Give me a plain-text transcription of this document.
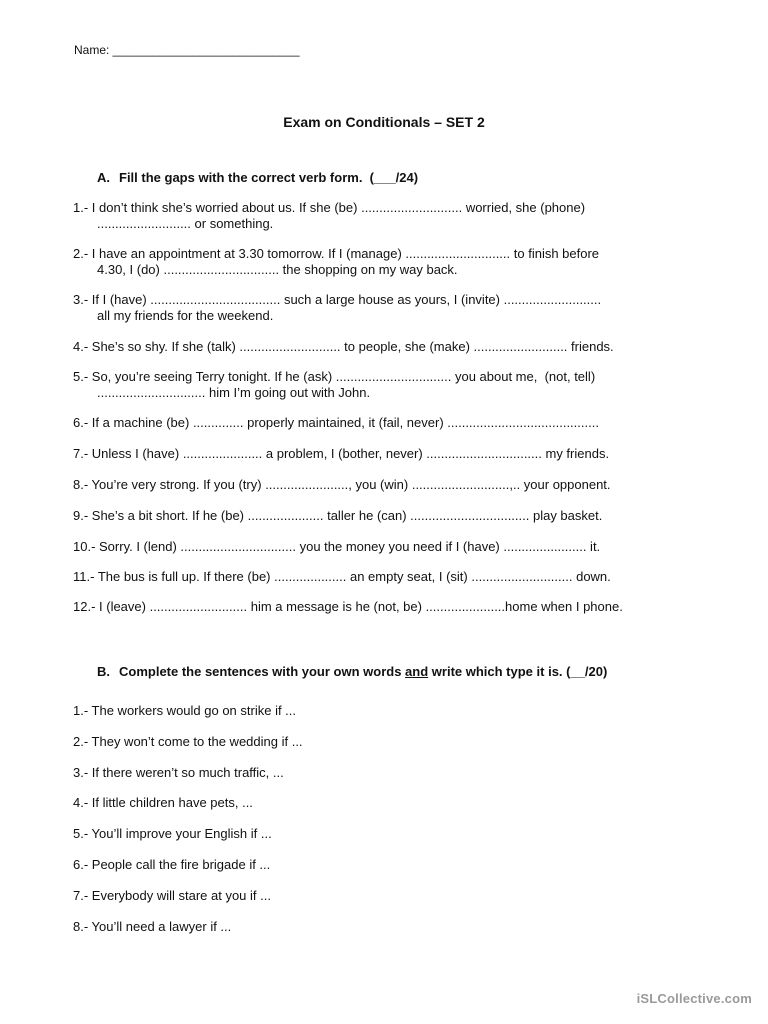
Name: ____________________________
Exam on Conditionals – SET 2
A. Fill the gaps with the correct verb form.  (___/24)
1.- I don’t think she’s worried about us. If she (be) ............................ worried, she (phone)
.......................... or something.
2.- I have an appointment at 3.30 tomorrow. If I (manage) ............................. to finish before
4.30, I (do) ................................ the shopping on my way back.
3.- If I (have) .................................... such a large house as yours, I (invite) ...........................
all my friends for the weekend.
4.- She’s so shy. If she (talk) ............................ to people, she (make) .......................... friends.
5.- So, you’re seeing Terry tonight. If he (ask) ................................ you about me,  (not, tell)
.............................. him I’m going out with John.
6.- If a machine (be) .............. properly maintained, it (fail, never) ..........................................
7.- Unless I (have) ...................... a problem, I (bother, never) ................................ my friends.
8.- You’re very strong. If you (try) ......................., you (win) ...........................,.. your opponent.
9.- She’s a bit short. If he (be) ..................... taller he (can) ................................. play basket.
10.- Sorry. I (lend) ................................ you the money you need if I (have) ....................... it.
11.- The bus is full up. If there (be) .................... an empty seat, I (sit) ............................ down.
12.- I (leave) ........................... him a message is he (not, be) ......................home when I phone.
B. Complete the sentences with your own words and write which type it is. (__/20)
1.- The workers would go on strike if ...
2.- They won’t come to the wedding if ...
3.- If there weren’t so much traffic, ...
4.- If little children have pets, ...
5.- You’ll improve your English if ...
6.- People call the fire brigade if ...
7.- Everybody will stare at you if ...
8.- You’ll need a lawyer if ...
iSLCollective.com
